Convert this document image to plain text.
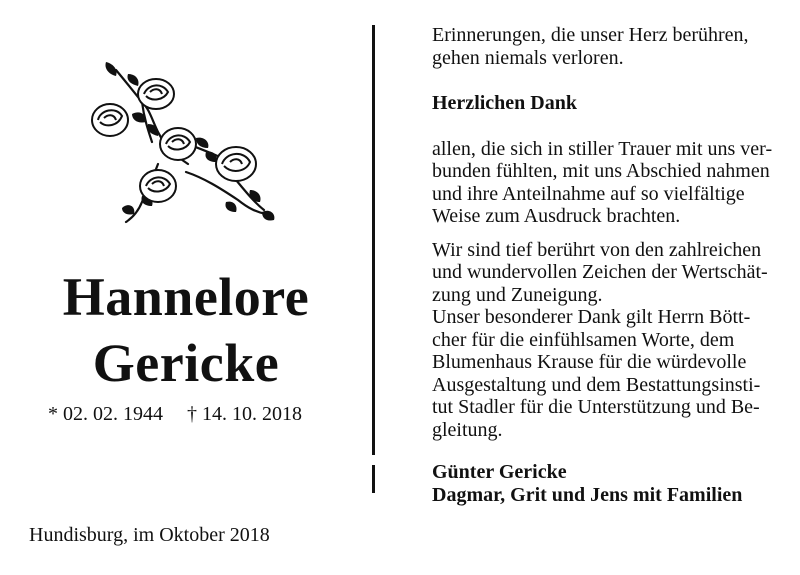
Hannelore
Gericke
* 02. 02. 1944 † 14. 10. 2018
Hundisburg, im Oktober 2018

Erinnerungen, die unser Herz berühren,
gehen niemals verloren.

Herzlichen Dank

allen, die sich in stiller Trauer mit uns ver-
bunden fühlten, mit uns Abschied nahmen
und ihre Anteilnahme auf so vielfältige
Weise zum Ausdruck brachten.

Wir sind tief berührt von den zahlreichen
und wundervollen Zeichen der Wertschät-
zung und Zuneigung.

Unser besonderer Dank gilt Herrn Bött-
cher für die einfühlsamen Worte, dem
Blumenhaus Krause für die würdevolle
Ausgestaltung und dem Bestattungsinsti-
tut Stadler für die Unterstützung und Be-
gleitung.

Günter Gericke
Dagmar, Grit und Jens mit Familien
